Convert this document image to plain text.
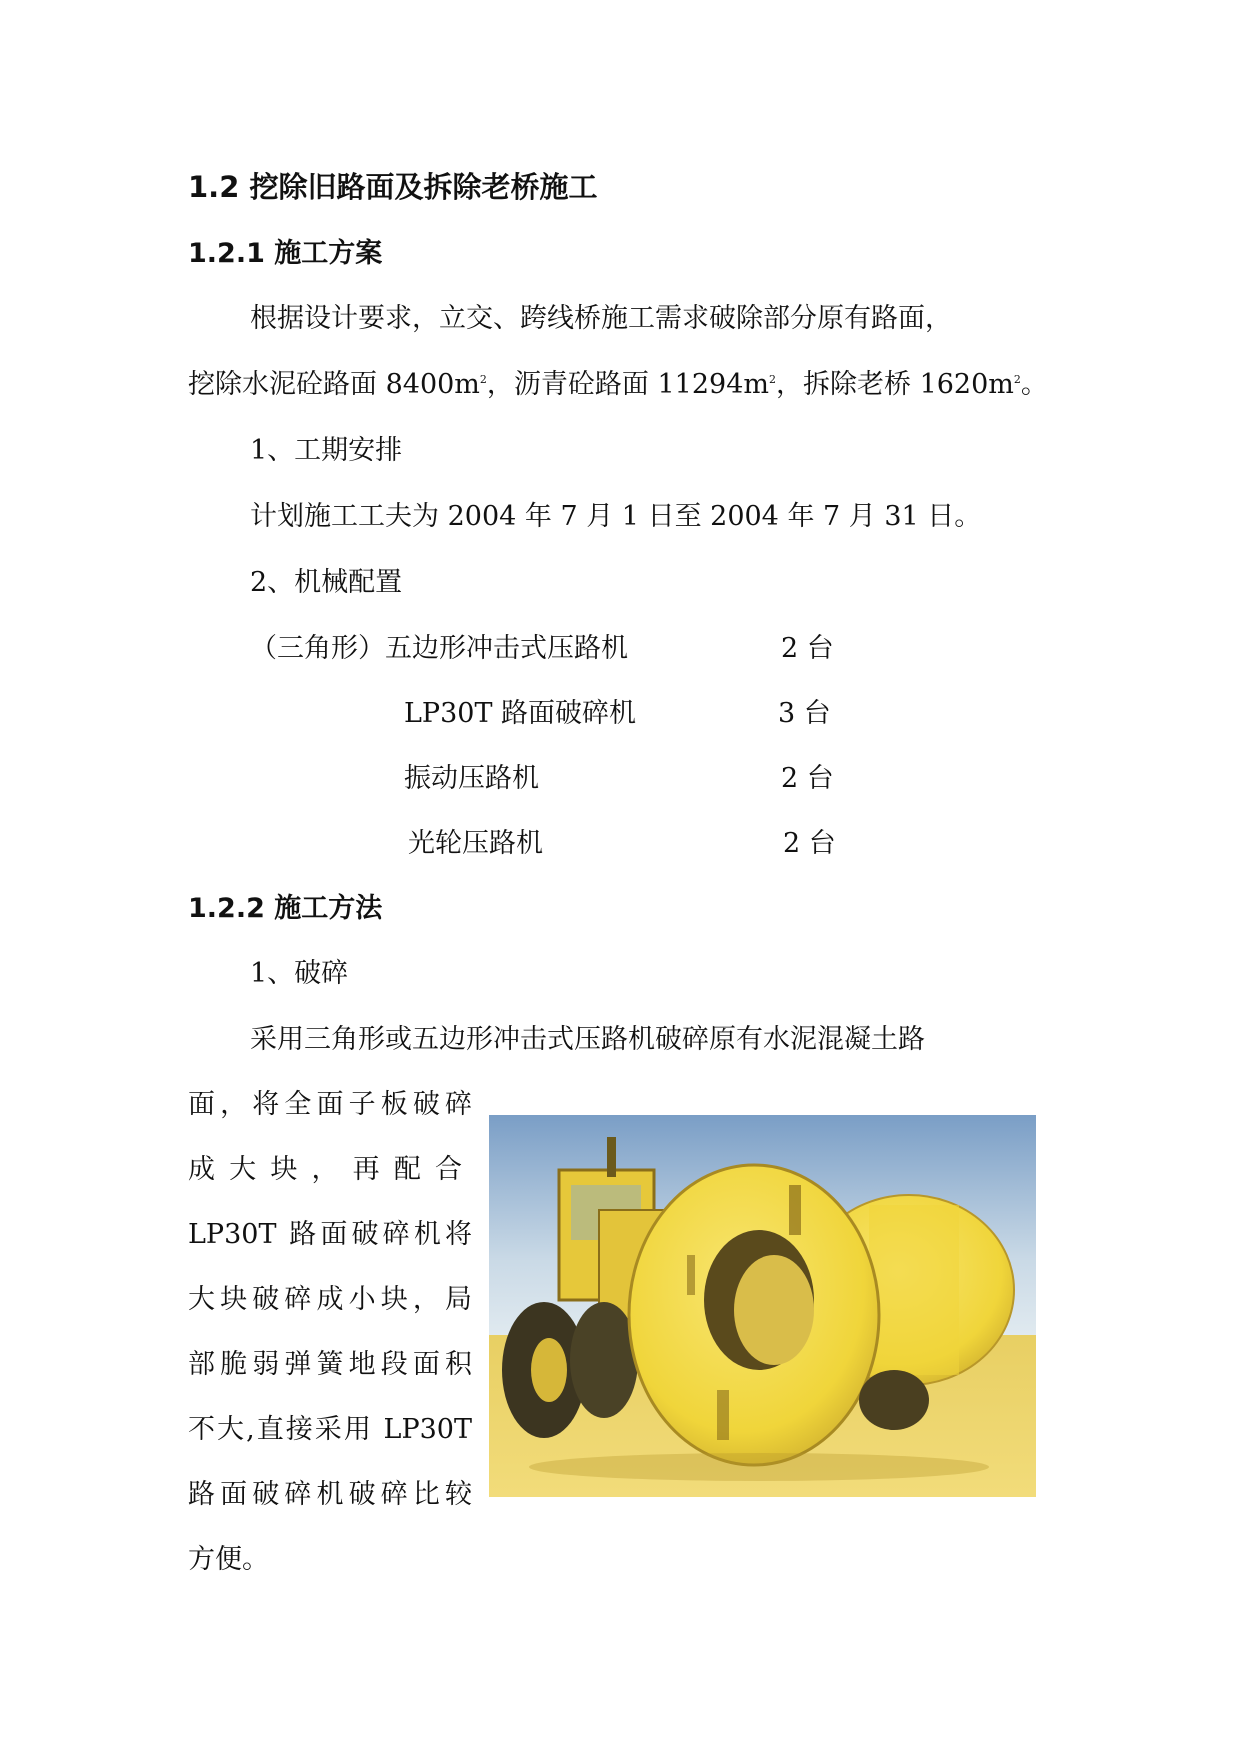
1.2 挖除旧路面及拆除老桥施工
1.2.1 施工方案
根据设计要求，立交、跨线桥施工需求破除部分原有路面，
挖除水泥砼路面 $8400m^2$，沥青砼路面 $11294m^2$，拆除老桥 $1620m^2$。
1、工期安排
计划施工工夫为 2004 年 7 月 1 日至 2004 年 7 月 31 日。
2、机械配置
（三角形）五边形冲击式压路机	2 台
LP30T 路面破碎机	3 台
振动压路机	2 台
光轮压路机	2 台
1.2.2 施工方法
1、破碎
采用三角形或五边形冲击式压路机破碎原有水泥混凝土路
面，将全面子板破碎
成大块，再配合
LP30T 路面破碎机将
大块破碎成小块，局
部脆弱弹簧地段面积
不大,直接采用 LP30T
路面破碎机破碎比较
方便。
